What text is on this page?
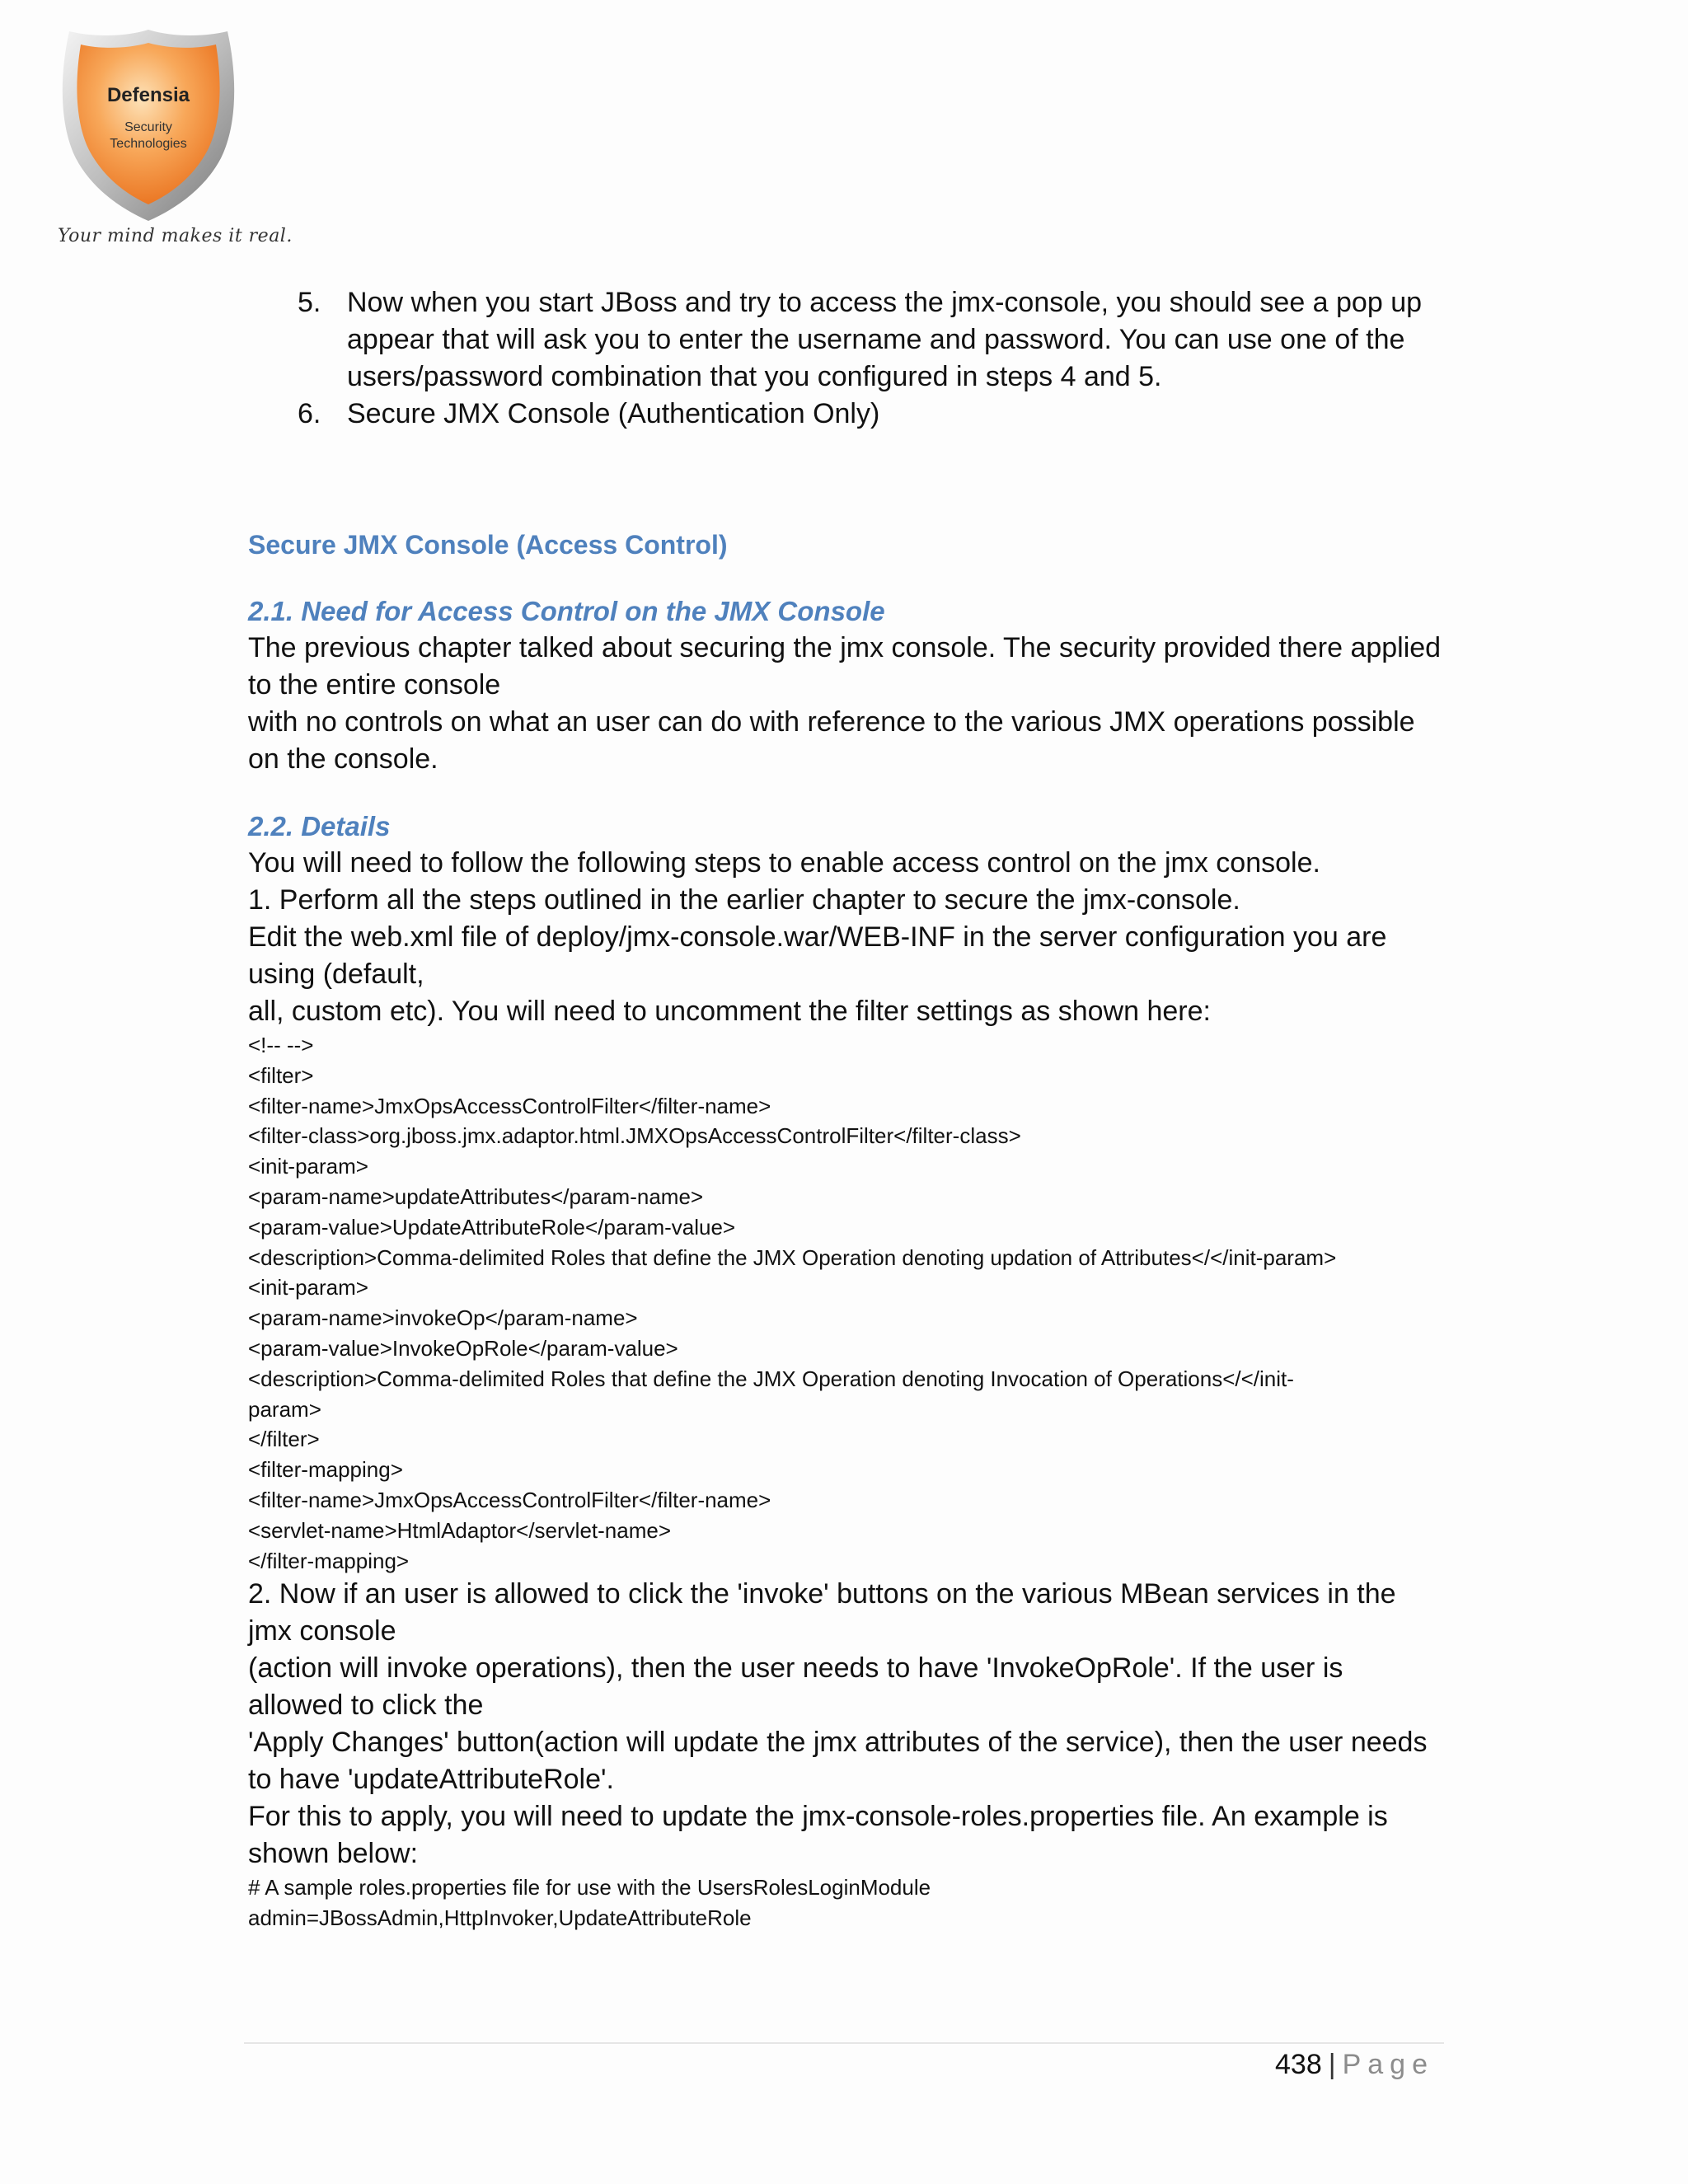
Defensia
Security
Technologies
Your mind makes it real.
5. Now when you start JBoss and try to access the jmx-console, you should see a pop up appear that will ask you to enter the username and password. You can use one of the users/password combination that you configured in steps 4 and 5.
6. Secure JMX Console (Authentication Only)
Secure JMX Console (Access Control)
2.1. Need for Access Control on the JMX Console

The previous chapter talked about securing the jmx console. The security provided there applied

to the entire console

with no controls on what an user can do with reference to the various JMX operations possible

on the console.

2.2. Details

You will need to follow the following steps to enable access control on the jmx console.

1. Perform all the steps outlined in the earlier chapter to secure the jmx-console.

Edit the web.xml file of deploy/jmx-console.war/WEB-INF in the server configuration you are

using (default,

all, custom etc). You will need to uncomment the filter settings as shown here:

<!-- -->

<filter>

<filter-name>JmxOpsAccessControlFilter</filter-name>

<filter-class>org.jboss.jmx.adaptor.html.JMXOpsAccessControlFilter</filter-class>

<init-param>

<param-name>updateAttributes</param-name>

<param-value>UpdateAttributeRole</param-value>

<description>Comma-delimited Roles that define the JMX Operation denoting updation of Attributes</</init-param>

<init-param>

<param-name>invokeOp</param-name>

<param-value>InvokeOpRole</param-value>

<description>Comma-delimited Roles that define the JMX Operation denoting Invocation of Operations</</init-

param>

</filter>

<filter-mapping>

<filter-name>JmxOpsAccessControlFilter</filter-name>

<servlet-name>HtmlAdaptor</servlet-name>

</filter-mapping>

2. Now if an user is allowed to click the 'invoke' buttons on the various MBean services in the

jmx console

(action will invoke operations), then the user needs to have 'InvokeOpRole'. If the user is

allowed to click the

'Apply Changes' button(action will update the jmx attributes of the service), then the user needs

to have 'updateAttributeRole'.

For this to apply, you will need to update the jmx-console-roles.properties file. An example is

shown below:

# A sample roles.properties file for use with the UsersRolesLoginModule

admin=JBossAdmin,HttpInvoker,UpdateAttributeRole

438 | Page
